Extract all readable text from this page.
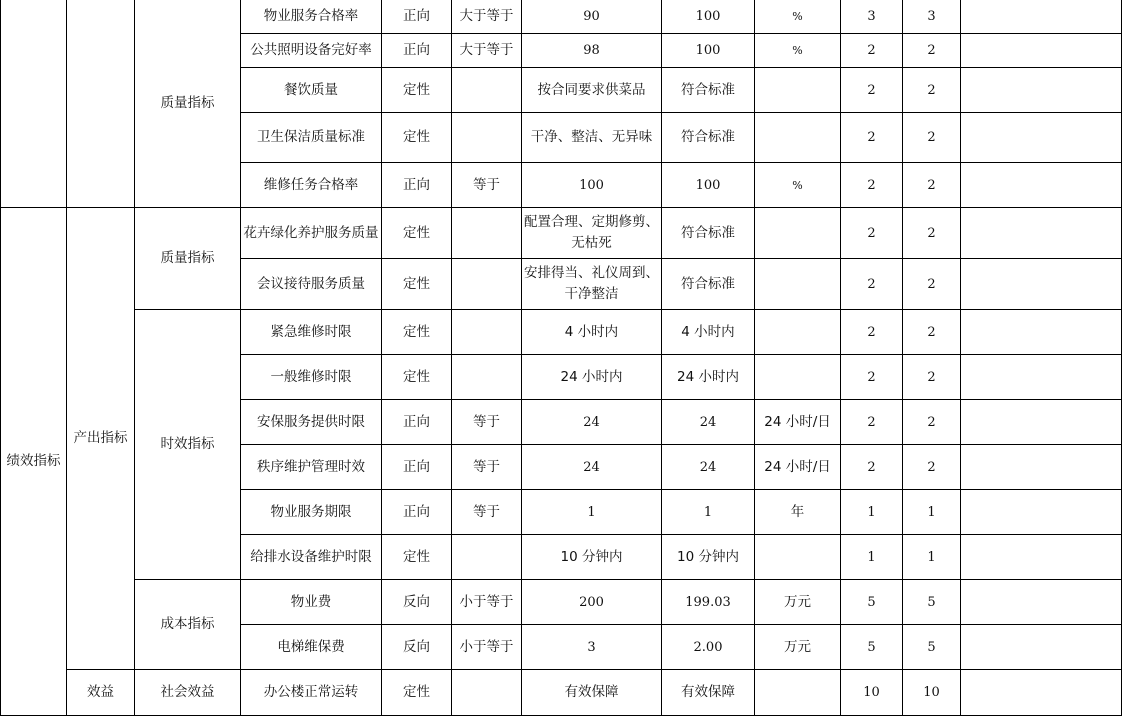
		质量指标	物业服务合格率	正向	大于等于	90	100	%	3	3	
			公共照明设备完好率	正向	大于等于	98	100	%	2	2	
			餐饮质量	定性		按合同要求供菜品	符合标准		2	2	
			卫生保洁质量标准	定性		干净、整洁、无异味	符合标准		2	2	
			维修任务合格率	正向	等于	100	100	%	2	2	
绩效指标	产出指标	质量指标	花卉绿化养护服务质量	定性		配置合理、定期修剪、无枯死	符合标准		2	2	
			会议接待服务质量	定性		安排得当、礼仪周到、干净整洁	符合标准		2	2	
		时效指标	紧急维修时限	定性		4 小时内	4 小时内		2	2	
			一般维修时限	定性		24 小时内	24 小时内		2	2	
			安保服务提供时限	正向	等于	24	24	24 小时/日	2	2	
			秩序维护管理时效	正向	等于	24	24	24 小时/日	2	2	
			物业服务期限	正向	等于	1	1	年	1	1	
			给排水设备维护时限	定性		10 分钟内	10 分钟内		1	1	
		成本指标	物业费	反向	小于等于	200	199.03	万元	5	5	
			电梯维保费	反向	小于等于	3	2.00	万元	5	5	
	效益	社会效益	办公楼正常运转	定性		有效保障	有效保障		10	10	
